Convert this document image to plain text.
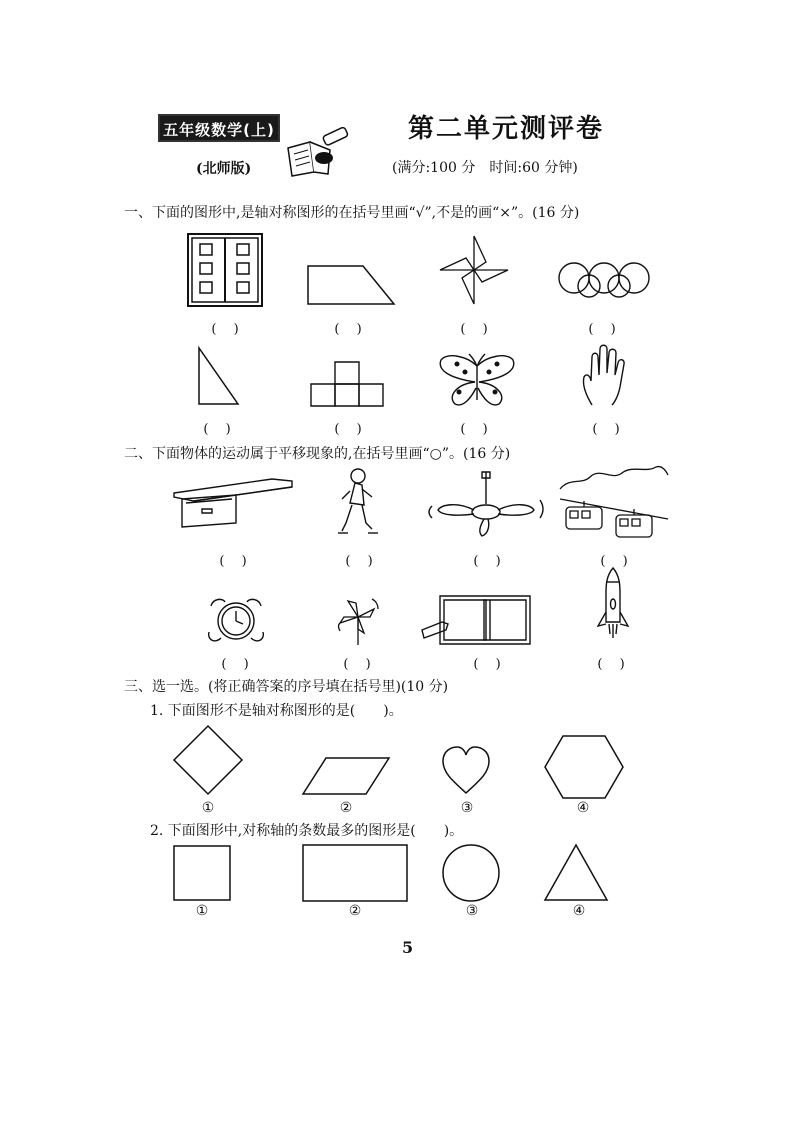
五年级数学(上)
(北师版)
第二单元测评卷
(满分:100 分　时间:60 分钟)
一、下面的图形中,是轴对称图形的在括号里画“√”,不是的画“×”。(16 分)
(　 )	(　 )	(　 )	(　 )
(　 )	(　 )	(　 )	(　 )
二、下面物体的运动属于平移现象的,在括号里画“○”。(16 分)
(　 )	(　 )	(　 )	(　 )
(　 )	(　 )	(　 )	(　 )
三、选一选。(将正确答案的序号填在括号里)(10 分)
1. 下面图形不是轴对称图形的是(　　)。
①	②	③	④
2. 下面图形中,对称轴的条数最多的图形是(　　)。
①	②	③	④
5
